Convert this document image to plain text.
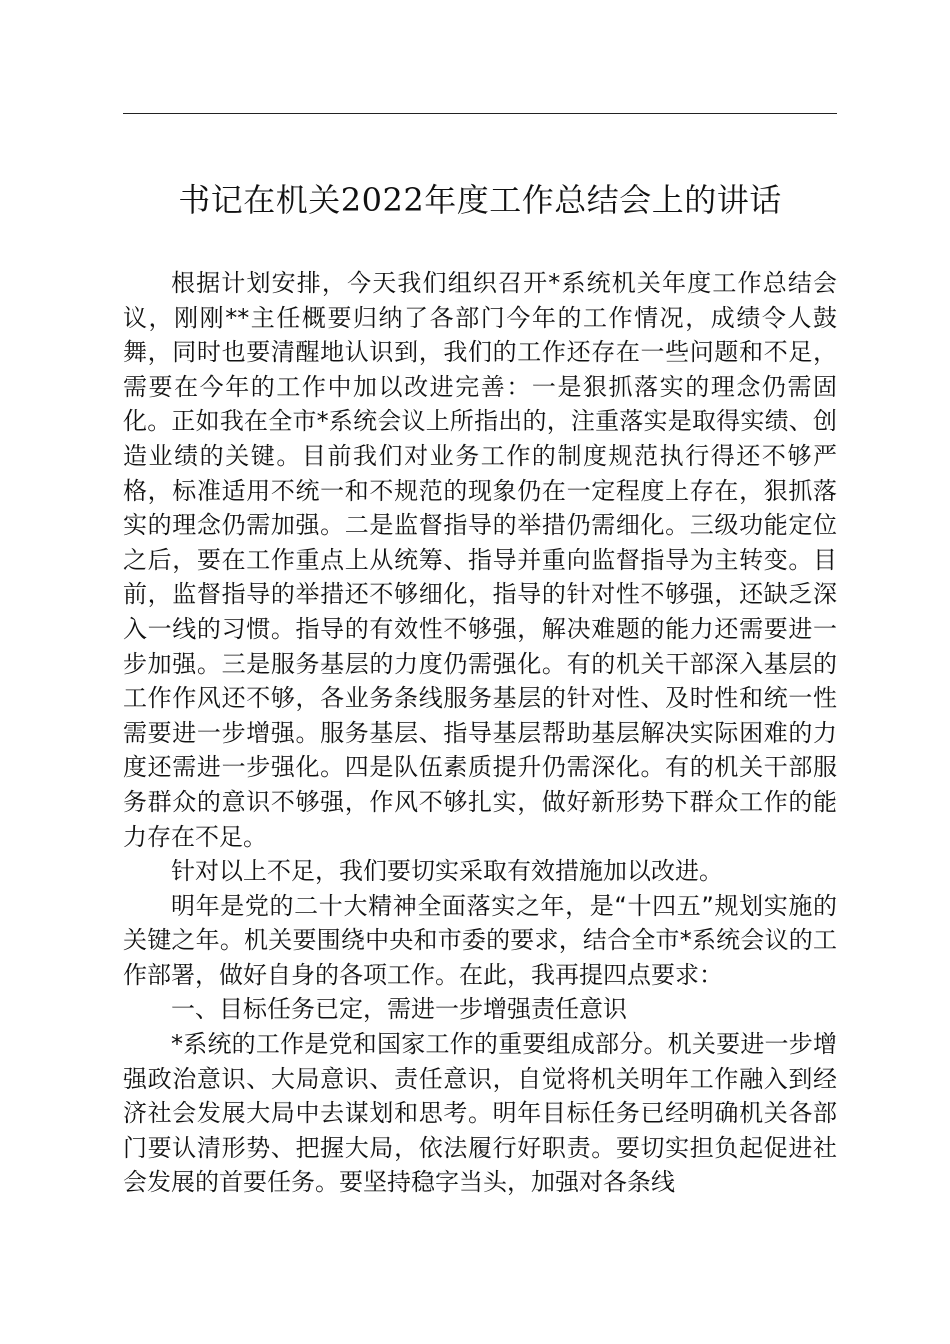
书记在机关2022年度工作总结会上的讲话

根据计划安排，今天我们组织召开*系统机关年度工作总结会议，刚刚**主任概要归纳了各部门今年的工作情况，成绩令人鼓舞，同时也要清醒地认识到，我们的工作还存在一些问题和不足，需要在今年的工作中加以改进完善：一是狠抓落实的理念仍需固化。正如我在全市*系统会议上所指出的，注重落实是取得实绩、创造业绩的关键。目前我们对业务工作的制度规范执行得还不够严格，标准适用不统一和不规范的现象仍在一定程度上存在，狠抓落实的理念仍需加强。二是监督指导的举措仍需细化。三级功能定位之后，要在工作重点上从统筹、指导并重向监督指导为主转变。目前，监督指导的举措还不够细化，指导的针对性不够强，还缺乏深入一线的习惯。指导的有效性不够强，解决难题的能力还需要进一步加强。三是服务基层的力度仍需强化。有的机关干部深入基层的工作作风还不够，各业务条线服务基层的针对性、及时性和统一性需要进一步增强。服务基层、指导基层帮助基层解决实际困难的力度还需进一步强化。四是队伍素质提升仍需深化。有的机关干部服务群众的意识不够强，作风不够扎实，做好新形势下群众工作的能力存在不足。

针对以上不足，我们要切实采取有效措施加以改进。

明年是党的二十大精神全面落实之年，是“十四五”规划实施的关键之年。机关要围绕中央和市委的要求，结合全市*系统会议的工作部署，做好自身的各项工作。在此，我再提四点要求：

一、目标任务已定，需进一步增强责任意识

*系统的工作是党和国家工作的重要组成部分。机关要进一步增强政治意识、大局意识、责任意识，自觉将机关明年工作融入到经济社会发展大局中去谋划和思考。明年目标任务已经明确机关各部门要认清形势、把握大局，依法履行好职责。要切实担负起促进社会发展的首要任务。要坚持稳字当头，加强对各条线
